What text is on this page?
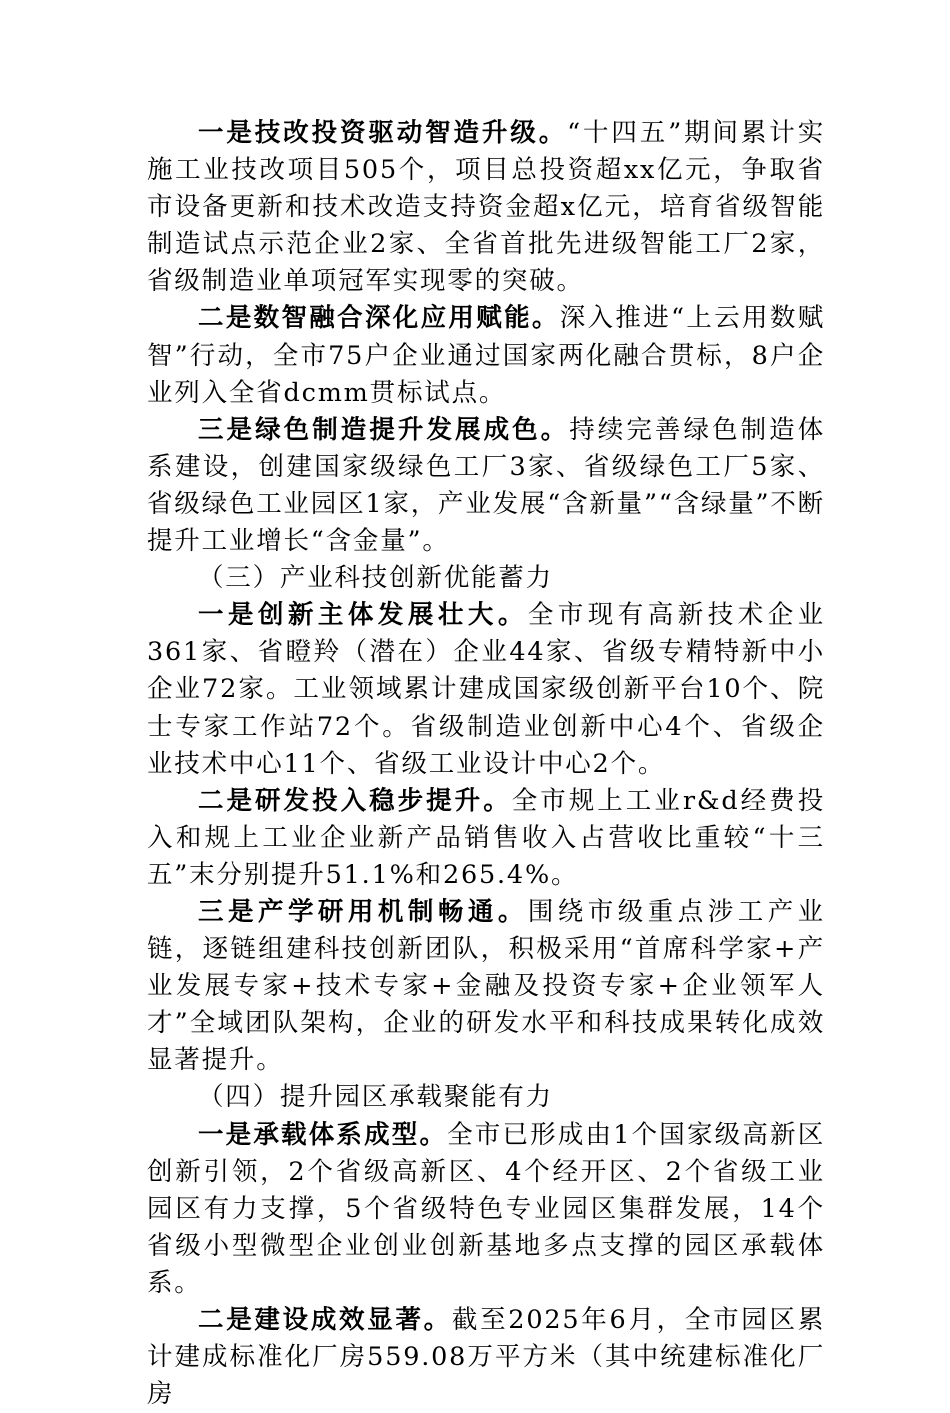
一是技改投资驱动智造升级。“十四五”期间累计实施工业技改项目505个，项目总投资超xx亿元，争取省市设备更新和技术改造支持资金超x亿元，培育省级智能制造试点示范企业2家、全省首批先进级智能工厂2家，省级制造业单项冠军实现零的突破。

二是数智融合深化应用赋能。深入推进“上云用数赋智”行动，全市75户企业通过国家两化融合贯标，8户企业列入全省dcmm贯标试点。

三是绿色制造提升发展成色。持续完善绿色制造体系建设，创建国家级绿色工厂3家、省级绿色工厂5家、省级绿色工业园区1家，产业发展“含新量”“含绿量”不断提升工业增长“含金量”。

（三）产业科技创新优能蓄力

一是创新主体发展壮大。全市现有高新技术企业361家、省瞪羚（潜在）企业44家、省级专精特新中小企业72家。工业领域累计建成国家级创新平台10个、院士专家工作站72个。省级制造业创新中心4个、省级企业技术中心11个、省级工业设计中心2个。

二是研发投入稳步提升。全市规上工业r&d经费投入和规上工业企业新产品销售收入占营收比重较“十三五”末分别提升51.1%和265.4%。

三是产学研用机制畅通。围绕市级重点涉工产业链，逐链组建科技创新团队，积极采用“首席科学家+产业发展专家+技术专家+金融及投资专家+企业领军人才”全域团队架构，企业的研发水平和科技成果转化成效显著提升。

（四）提升园区承载聚能有力

一是承载体系成型。全市已形成由1个国家级高新区创新引领，2个省级高新区、4个经开区、2个省级工业园区有力支撑，5个省级特色专业园区集群发展，14个省级小型微型企业创业创新基地多点支撑的园区承载体系。

二是建设成效显著。截至2025年6月，全市园区累计建成标准化厂房559.08万平方米（其中统建标准化厂房
